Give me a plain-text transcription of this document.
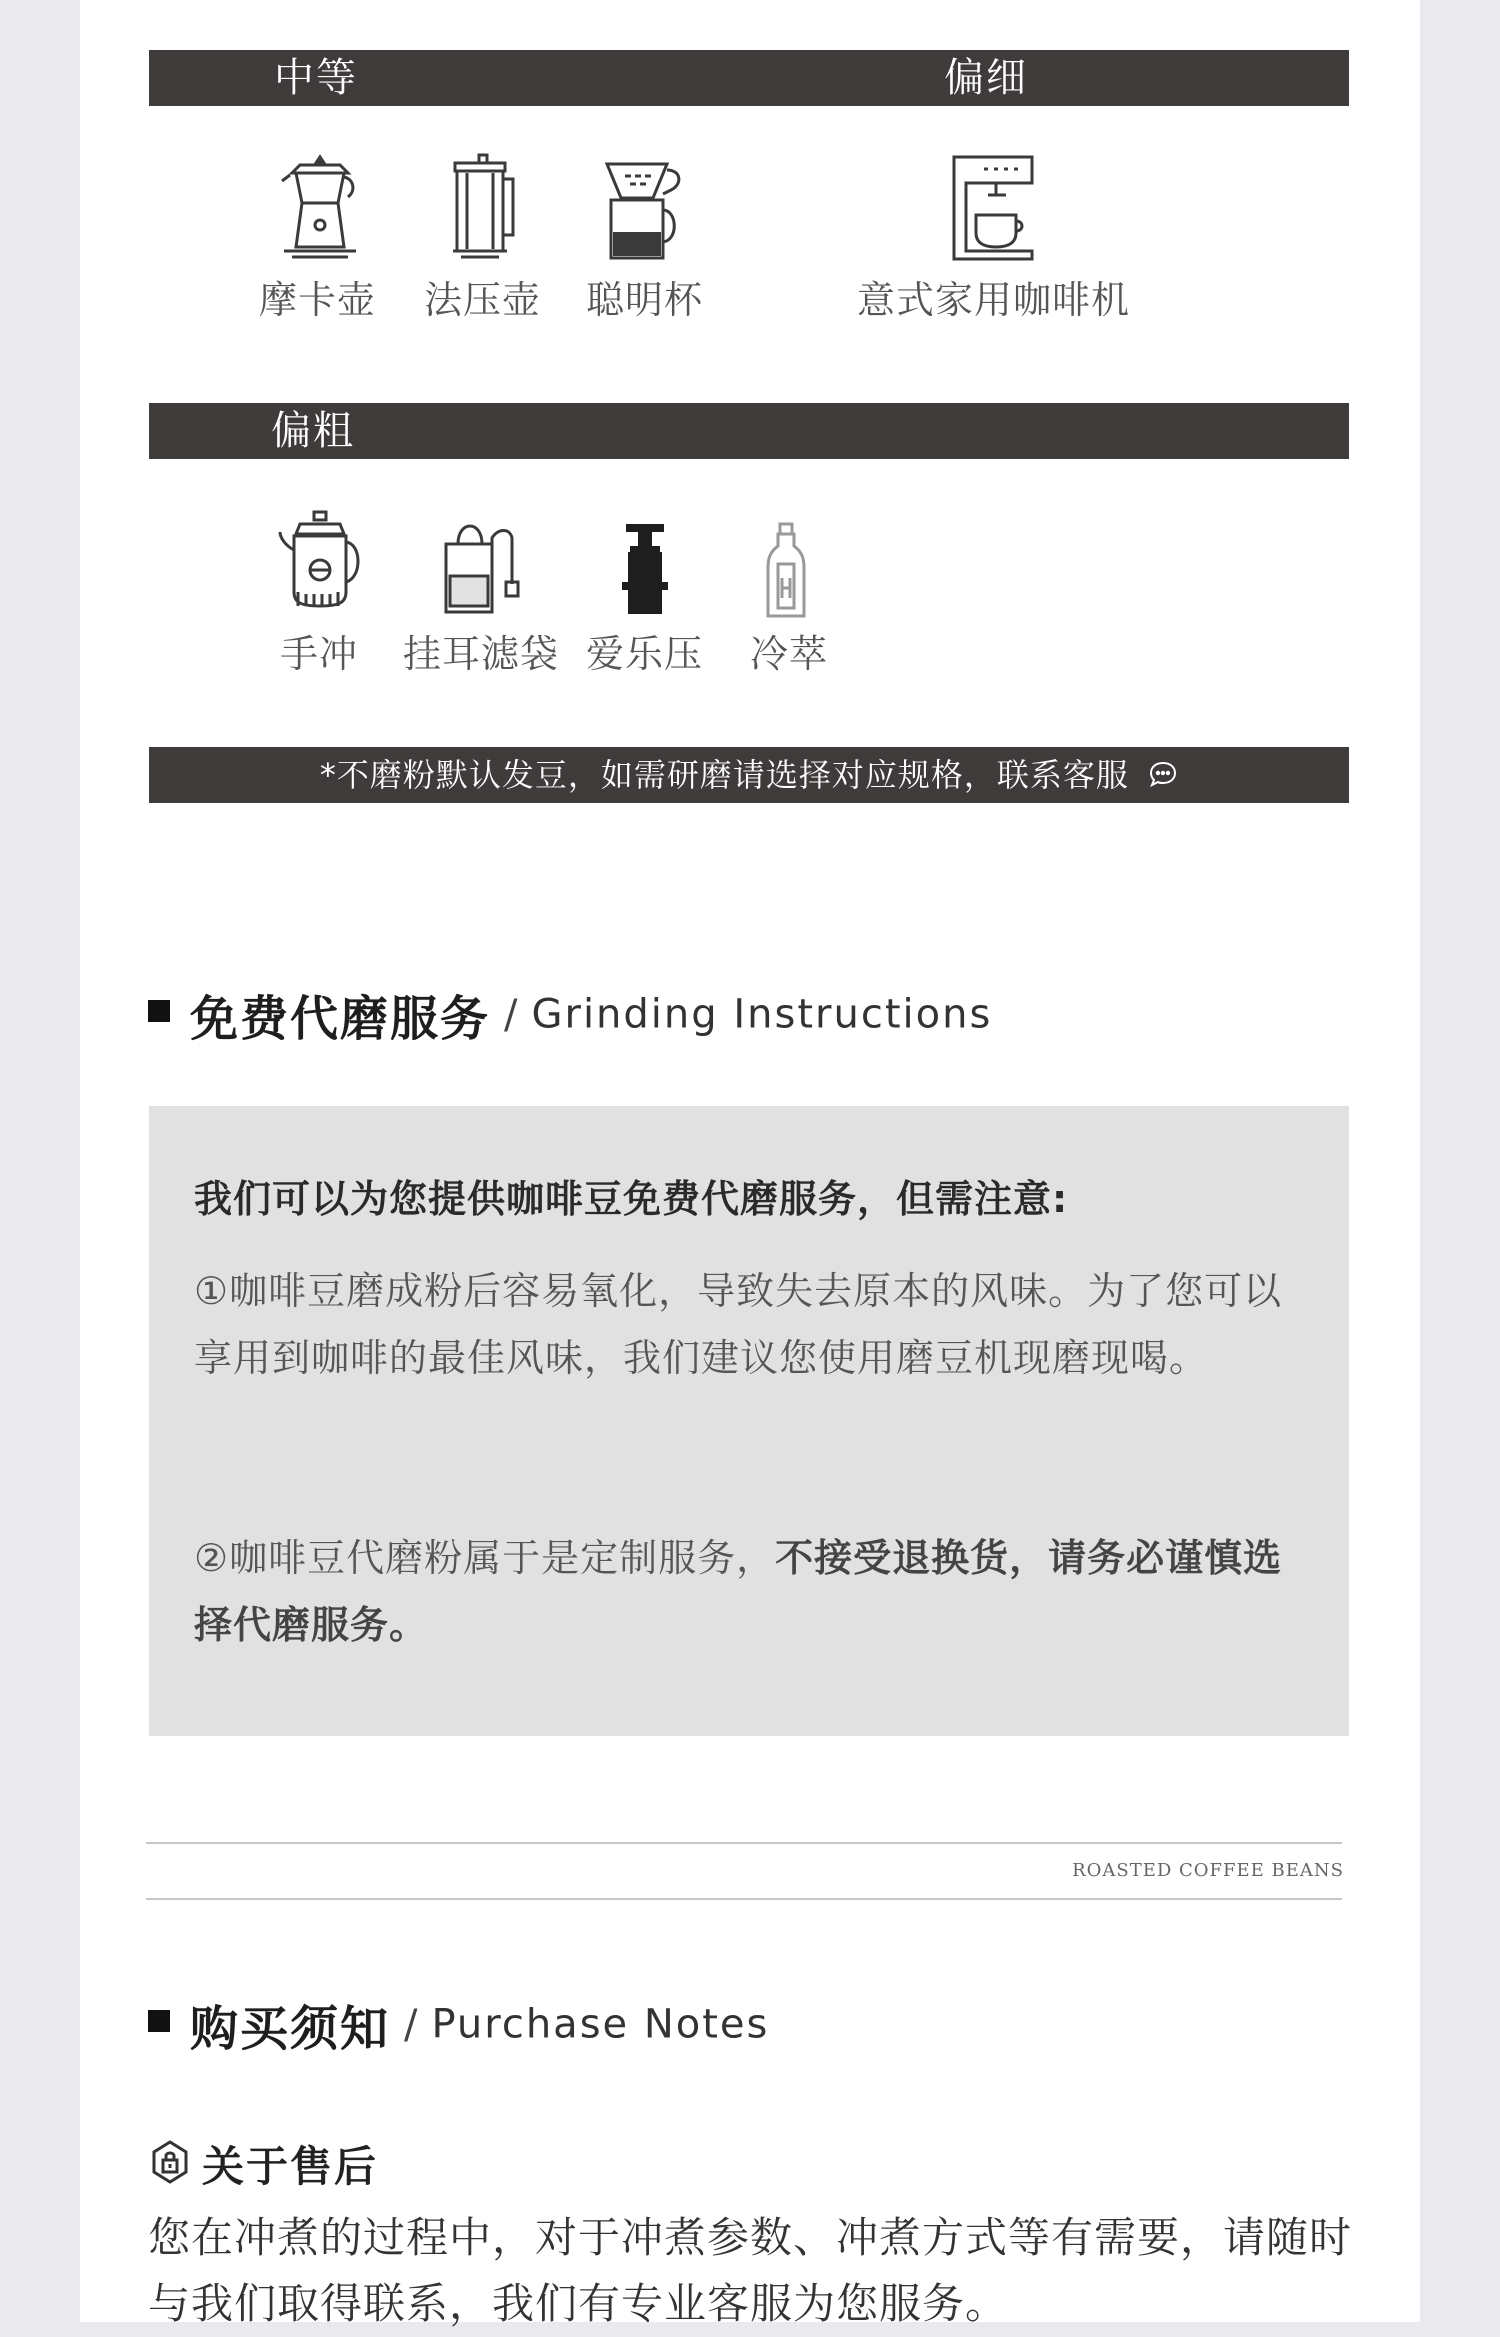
中等	偏细
摩卡壶 法压壶 聪明杯	意式家用咖啡机
偏粗
手冲 挂耳滤袋 爱乐压 冷萃
*不磨粉默认发豆，如需研磨请选择对应规格，联系客服
免费代磨服务 / Grinding Instructions
我们可以为您提供咖啡豆免费代磨服务，但需注意:
①咖啡豆磨成粉后容易氧化，导致失去原本的风味。为了您可以享用到咖啡的最佳风味，我们建议您使用磨豆机现磨现喝。
②咖啡豆代磨粉属于是定制服务，不接受退换货，请务必谨慎选择代磨服务。
ROASTED COFFEE BEANS
购买须知 / Purchase Notes
关于售后
您在冲煮的过程中，对于冲煮参数、冲煮方式等有需要，请随时与我们取得联系，我们有专业客服为您服务。
